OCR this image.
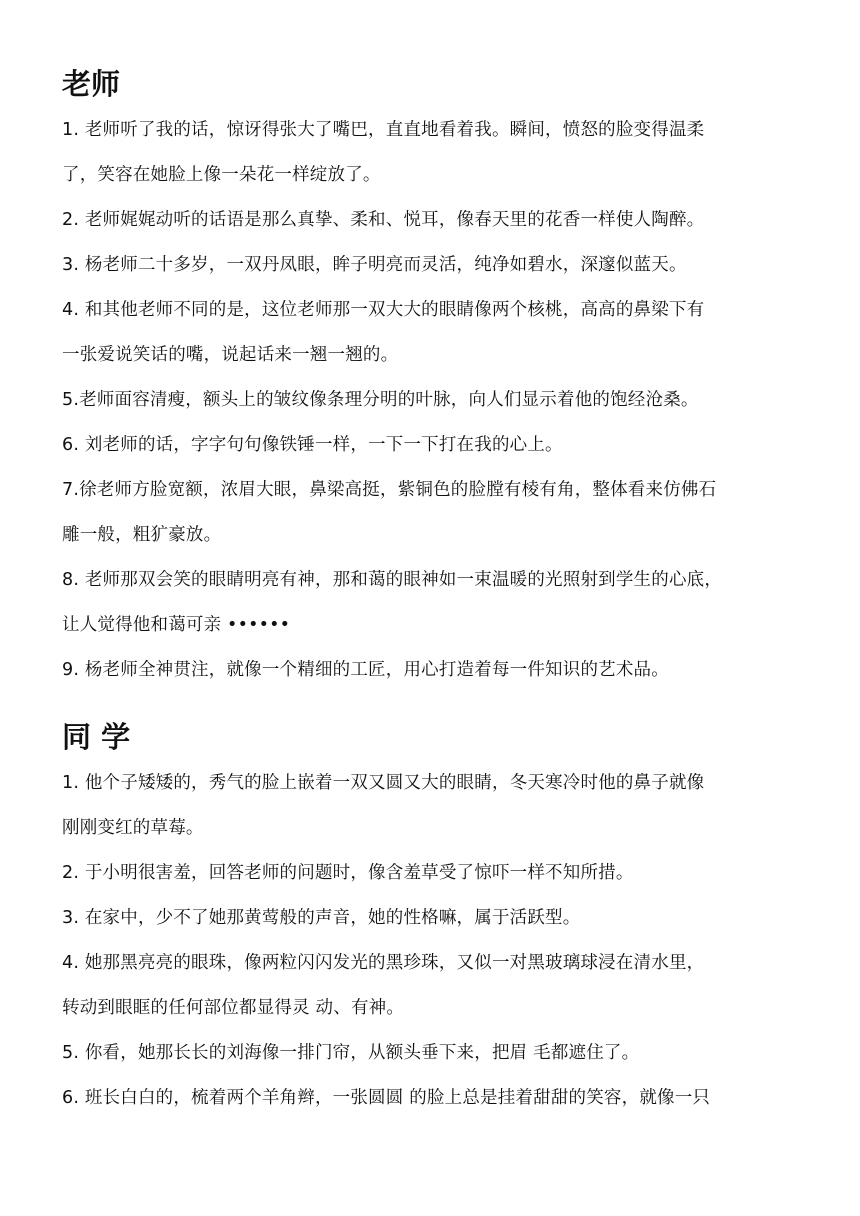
老师

1. 老师听了我的话，惊讶得张大了嘴巴，直直地看着我。瞬间，愤怒的脸变得温柔

了，笑容在她脸上像一朵花一样绽放了。

2. 老师娓娓动听的话语是那么真挚、柔和、悦耳，像春天里的花香一样使人陶醉。

3. 杨老师二十多岁，一双丹凤眼，眸子明亮而灵活，纯净如碧水，深邃似蓝天。

4. 和其他老师不同的是，这位老师那一双大大的眼睛像两个核桃，高高的鼻梁下有

一张爱说笑话的嘴，说起话来一翘一翘的。

5.老师面容清瘦，额头上的皱纹像条理分明的叶脉，向人们显示着他的饱经沧桑。

6. 刘老师的话，字字句句像铁锤一样，一下一下打在我的心上。

7.徐老师方脸宽额，浓眉大眼，鼻梁高挺，紫铜色的脸膛有棱有角，整体看来仿佛石

雕一般，粗犷豪放。

8. 老师那双会笑的眼睛明亮有神，那和蔼的眼神如一束温暖的光照射到学生的心底，

让人觉得他和蔼可亲 ••••••

9. 杨老师全神贯注，就像一个精细的工匠，用心打造着每一件知识的艺术品。

同 学

1. 他个子矮矮的，秀气的脸上嵌着一双又圆又大的眼睛，冬天寒冷时他的鼻子就像

刚刚变红的草莓。

2. 于小明很害羞，回答老师的问题时，像含羞草受了惊吓一样不知所措。

3. 在家中，少不了她那黄莺般的声音，她的性格嘛，属于活跃型。

4. 她那黑亮亮的眼珠，像两粒闪闪发光的黑珍珠，又似一对黑玻璃球浸在清水里，

转动到眼眶的任何部位都显得灵 动、有神。

5. 你看，她那长长的刘海像一排门帘，从额头垂下来，把眉 毛都遮住了。

6. 班长白白的，梳着两个羊角辫，一张圆圆 的脸上总是挂着甜甜的笑容，就像一只
